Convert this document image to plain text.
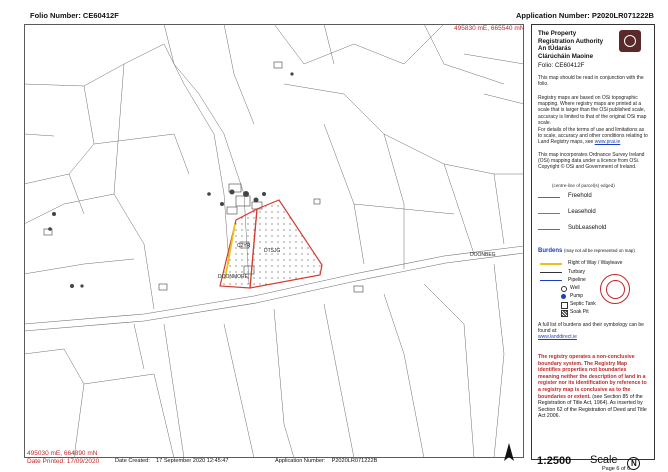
Folio Number: CE60412F	Application Number: P2020LR071222B
C2YR
DTSJG
DOONMORE
DOONBEG
495830 mE, 665540 mN
495030 mE, 664890 mN
Date Printed: 17/09/2020
The Property
Registration Authority
An tÚdarás
Clárúcháin Maoine
Folio: CE60412F
This map should be read in conjunction with the folio.
Registry maps are based on OSi topographic mapping. Where registry maps are printed at a scale that is larger than the OSi published scale, accuracy is limited to that of the original OSi map scale.
For details of the terms of use and limitations as to scale, accuracy and other conditions relating to Land Registry maps, see www.prai.ie
This map incorporates Ordnance Survey Ireland (OSi) mapping data under a licence from OSi. Copyright © OSi and Government of Ireland.
(centre-line of parcel(s) edged)
Freehold
Leasehold
SubLeasehold
Burdens (may not all be represented on map)
Right of Way / Wayleave
Turbary
Pipeline
Well
Pump
Septic Tank
Soak Pit
A full list of burdens and their symbology can be found at:
www.landdirect.ie
The registry operates a non-conclusive boundary system. The Registry Map identifies properties not boundaries meaning neither the description of land in a register nor its identification by reference to a registry map is conclusive as to the boundaries or extent. (see Section 85 of the Registration of Title Act, 1964). As inserted by Section 62 of the Registration of Deed and Title Act 2006.
Date Created: 17 September 2020 12:45:47	Application Number: P2020LR071222B	1:2500 Scale N
Page 6 of 6
